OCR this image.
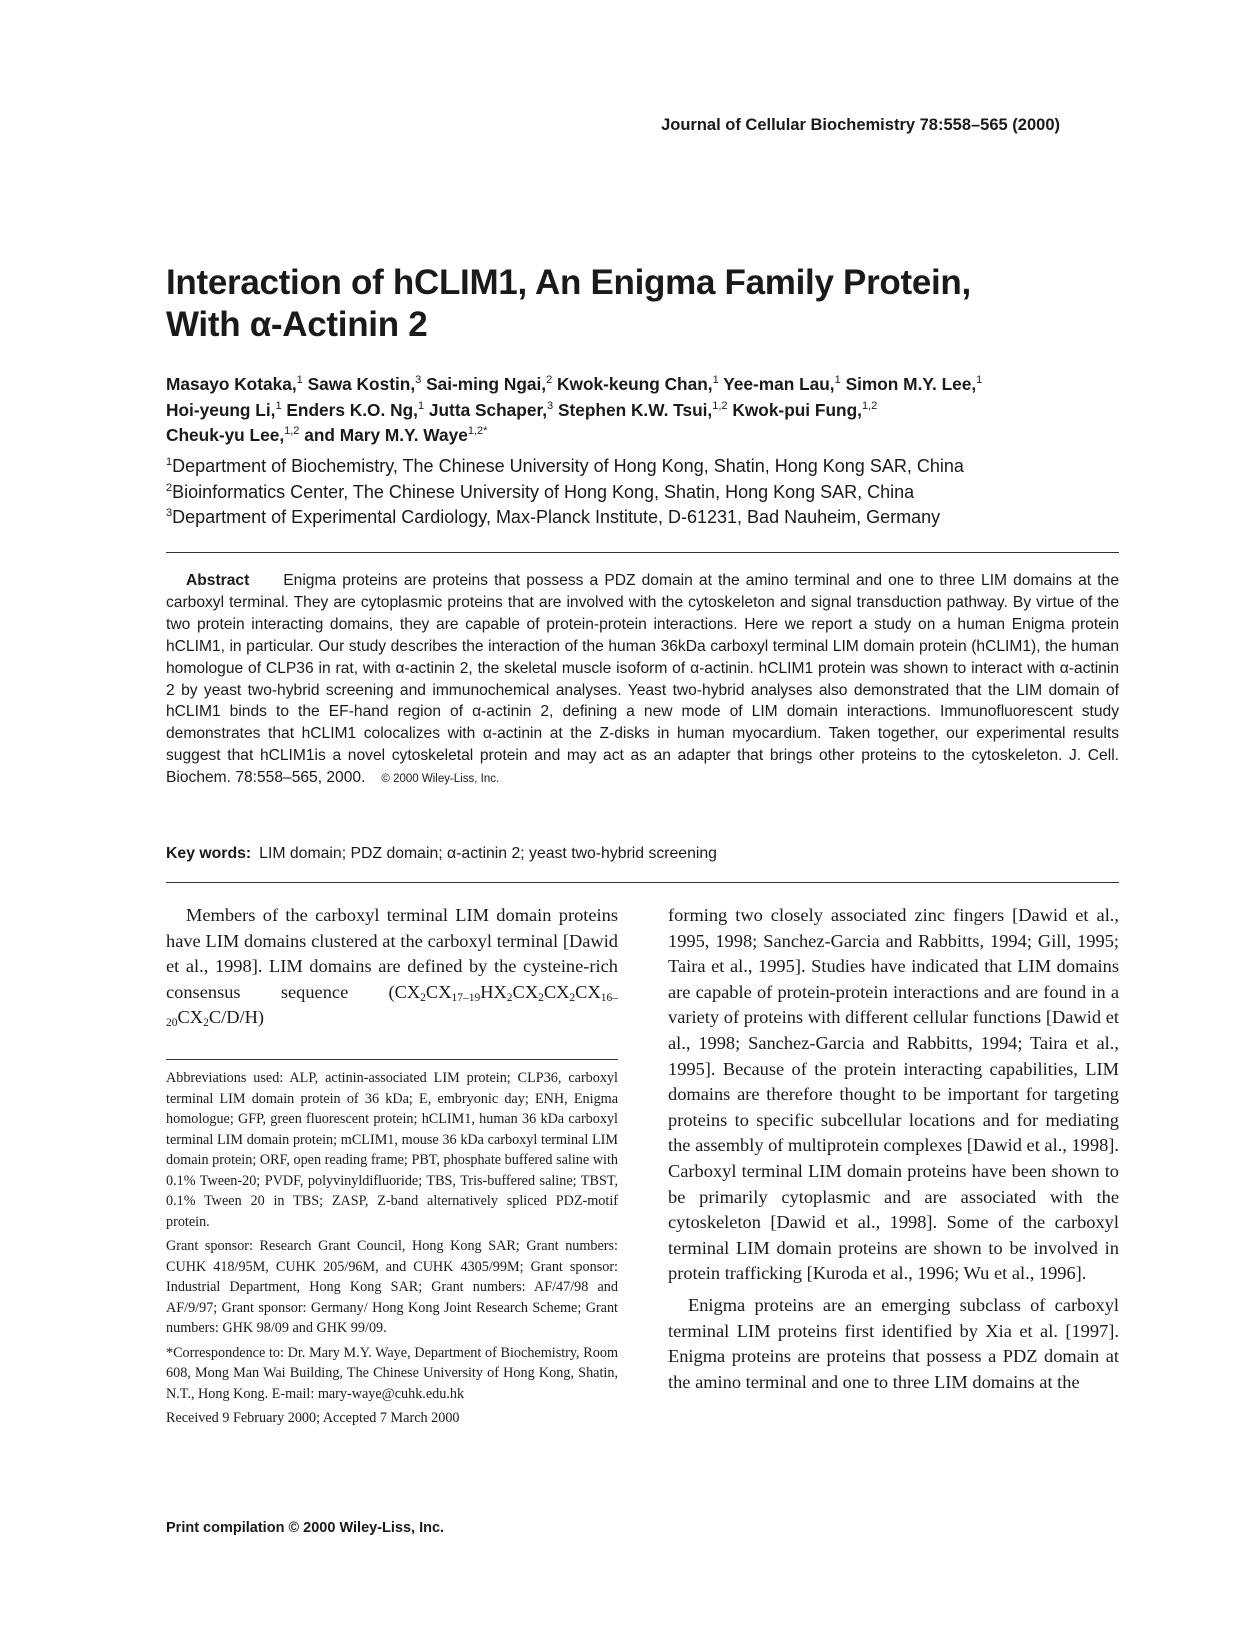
Journal of Cellular Biochemistry 78:558–565 (2000)
Interaction of hCLIM1, An Enigma Family Protein,
With α-Actinin 2

Masayo Kotaka,$^1$ Sawa Kostin,$^3$ Sai-ming Ngai,$^2$ Kwok-keung Chan,$^1$ Yee-man Lau,$^1$ Simon M.Y. Lee,$^1$
Hoi-yeung Li,$^1$ Enders K.O. Ng,$^1$ Jutta Schaper,$^3$ Stephen K.W. Tsui,$^{1,2}$ Kwok-pui Fung,$^{1,2}$
Cheuk-yu Lee,$^{1,2}$ and Mary M.Y. Waye$^{1,2*}$

$^1$Department of Biochemistry, The Chinese University of Hong Kong, Shatin, Hong Kong SAR, China
$^2$Bioinformatics Center, The Chinese University of Hong Kong, Shatin, Hong Kong SAR, China
$^3$Department of Experimental Cardiology, Max-Planck Institute, D-61231, Bad Nauheim, Germany

Abstract Enigma proteins are proteins that possess a PDZ domain at the amino terminal and one to three LIM domains at the carboxyl terminal. They are cytoplasmic proteins that are involved with the cytoskeleton and signal transduction pathway. By virtue of the two protein interacting domains, they are capable of protein-protein interactions. Here we report a study on a human Enigma protein hCLIM1, in particular. Our study describes the interaction of the human 36kDa carboxyl terminal LIM domain protein (hCLIM1), the human homologue of CLP36 in rat, with α-actinin 2, the skeletal muscle isoform of α-actinin. hCLIM1 protein was shown to interact with α-actinin 2 by yeast two-hybrid screening and immunochemical analyses. Yeast two-hybrid analyses also demonstrated that the LIM domain of hCLIM1 binds to the EF-hand region of α-actinin 2, defining a new mode of LIM domain interactions. Immunofluorescent study demonstrates that hCLIM1 colocalizes with α-actinin at the Z-disks in human myocardium. Taken together, our experimental results suggest that hCLIM1is a novel cytoskeletal protein and may act as an adapter that brings other proteins to the cytoskeleton. J. Cell. Biochem. 78:558–565, 2000. © 2000 Wiley-Liss, Inc.

Key words: LIM domain; PDZ domain; α-actinin 2; yeast two-hybrid screening

Members of the carboxyl terminal LIM domain proteins have LIM domains clustered at the carboxyl terminal [Dawid et al., 1998]. LIM domains are defined by the cysteine-rich consensus sequence $(CX_2CX_{17-19}HX_2CX_2CX_2CX_{16-20}CX_2C/D/H)$

Abbreviations used: ALP, actinin-associated LIM protein; CLP36, carboxyl terminal LIM domain protein of 36 kDa; E, embryonic day; ENH, Enigma homologue; GFP, green fluorescent protein; hCLIM1, human 36 kDa carboxyl terminal LIM domain protein; mCLIM1, mouse 36 kDa carboxyl terminal LIM domain protein; ORF, open reading frame; PBT, phosphate buffered saline with 0.1% Tween-20; PVDF, polyvinyldifluoride; TBS, Tris-buffered saline; TBST, 0.1% Tween 20 in TBS; ZASP, Z-band alternatively spliced PDZ-motif protein.

Grant sponsor: Research Grant Council, Hong Kong SAR; Grant numbers: CUHK 418/95M, CUHK 205/96M, and CUHK 4305/99M; Grant sponsor: Industrial Department, Hong Kong SAR; Grant numbers: AF/47/98 and AF/9/97; Grant sponsor: Germany/ Hong Kong Joint Research Scheme; Grant numbers: GHK 98/09 and GHK 99/09.

*Correspondence to: Dr. Mary M.Y. Waye, Department of Biochemistry, Room 608, Mong Man Wai Building, The Chinese University of Hong Kong, Shatin, N.T., Hong Kong. E-mail: mary-waye@cuhk.edu.hk

Received 9 February 2000; Accepted 7 March 2000

Print compilation © 2000 Wiley-Liss, Inc.

forming two closely associated zinc fingers [Dawid et al., 1995, 1998; Sanchez-Garcia and Rabbitts, 1994; Gill, 1995; Taira et al., 1995]. Studies have indicated that LIM domains are capable of protein-protein interactions and are found in a variety of proteins with different cellular functions [Dawid et al., 1998; Sanchez-Garcia and Rabbitts, 1994; Taira et al., 1995]. Because of the protein interacting capabilities, LIM domains are therefore thought to be important for targeting proteins to specific subcellular locations and for mediating the assembly of multiprotein complexes [Dawid et al., 1998]. Carboxyl terminal LIM domain proteins have been shown to be primarily cytoplasmic and are associated with the cytoskeleton [Dawid et al., 1998]. Some of the carboxyl terminal LIM domain proteins are shown to be involved in protein trafficking [Kuroda et al., 1996; Wu et al., 1996].

Enigma proteins are an emerging subclass of carboxyl terminal LIM proteins first identified by Xia et al. [1997]. Enigma proteins are proteins that possess a PDZ domain at the amino terminal and one to three LIM domains at the
